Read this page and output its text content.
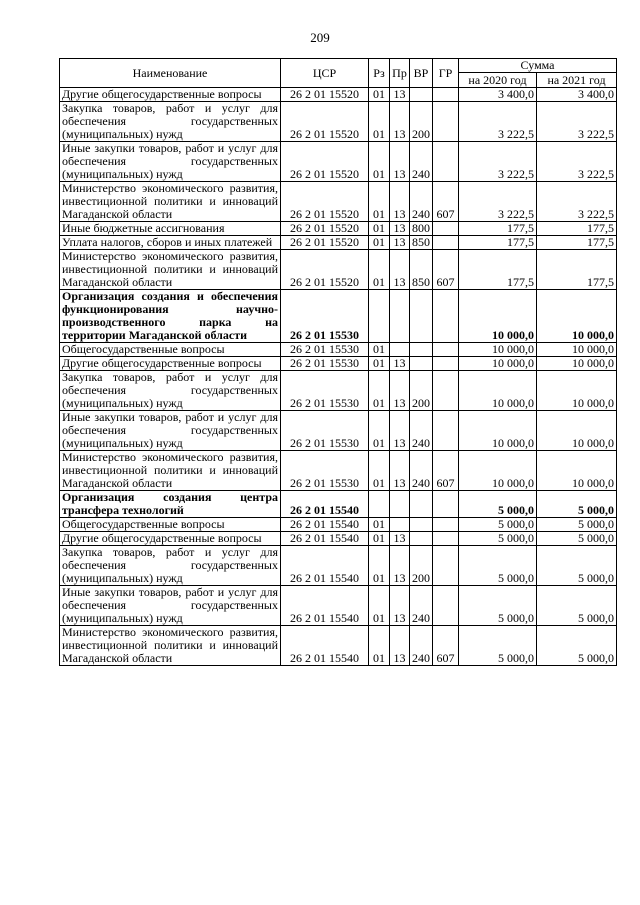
209
Наименование	ЦСР	Рз	Пр	ВР	ГР	Сумма	
						на 2020 год	на 2021 год
Другие общегосударственные вопросы	26 2 01 15520	01	13			3 400,0	3 400,0
Закупка товаров, работ и услуг для обеспечения государственных (муниципальных) нужд	26 2 01 15520	01	13	200		3 222,5	3 222,5
Иные закупки товаров, работ и услуг для обеспечения государственных (муниципальных) нужд	26 2 01 15520	01	13	240		3 222,5	3 222,5
Министерство экономического развития, инвестиционной политики и инноваций Магаданской области	26 2 01 15520	01	13	240	607	3 222,5	3 222,5
Иные бюджетные ассигнования	26 2 01 15520	01	13	800		177,5	177,5
Уплата налогов, сборов и иных платежей	26 2 01 15520	01	13	850		177,5	177,5
Министерство экономического развития, инвестиционной политики и инноваций Магаданской области	26 2 01 15520	01	13	850	607	177,5	177,5
Организация создания и обеспечения функционирования научно-производственного парка на территории Магаданской области	26 2 01 15530					10 000,0	10 000,0
Общегосударственные вопросы	26 2 01 15530	01				10 000,0	10 000,0
Другие общегосударственные вопросы	26 2 01 15530	01	13			10 000,0	10 000,0
Закупка товаров, работ и услуг для обеспечения государственных (муниципальных) нужд	26 2 01 15530	01	13	200		10 000,0	10 000,0
Иные закупки товаров, работ и услуг для обеспечения государственных (муниципальных) нужд	26 2 01 15530	01	13	240		10 000,0	10 000,0
Министерство экономического развития, инвестиционной политики и инноваций Магаданской области	26 2 01 15530	01	13	240	607	10 000,0	10 000,0
Организация создания центра трансфера технологий	26 2 01 15540					5 000,0	5 000,0
Общегосударственные вопросы	26 2 01 15540	01				5 000,0	5 000,0
Другие общегосударственные вопросы	26 2 01 15540	01	13			5 000,0	5 000,0
Закупка товаров, работ и услуг для обеспечения государственных (муниципальных) нужд	26 2 01 15540	01	13	200		5 000,0	5 000,0
Иные закупки товаров, работ и услуг для обеспечения государственных (муниципальных) нужд	26 2 01 15540	01	13	240		5 000,0	5 000,0
Министерство экономического развития, инвестиционной политики и инноваций Магаданской области	26 2 01 15540	01	13	240	607	5 000,0	5 000,0
